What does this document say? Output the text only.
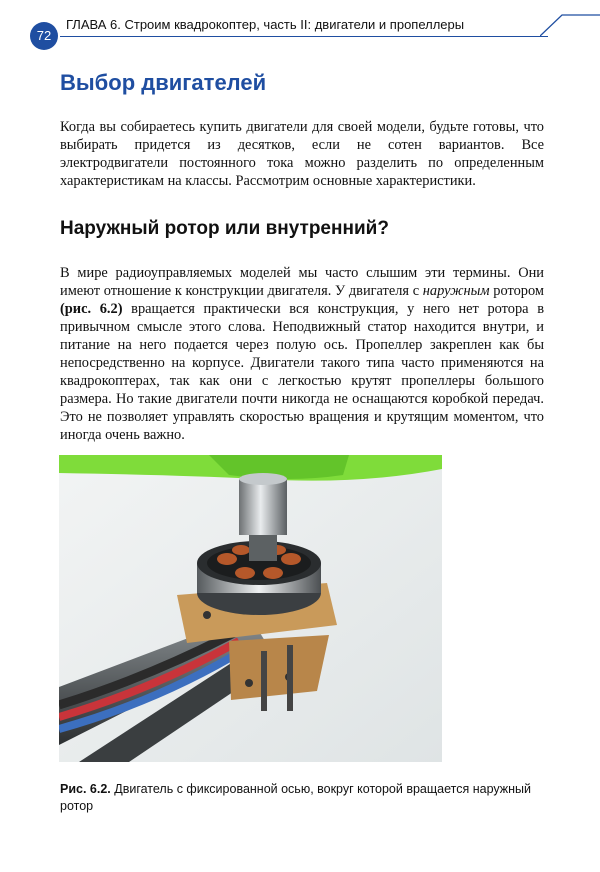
72
ГЛАВА 6. Строим квадрокоптер, часть II: двигатели и пропеллеры
Выбор двигателей

Когда вы собираетесь купить двигатели для своей модели, будьте готовы, что выбирать придется из десятков, если не сотен вариантов. Все электродвигатели постоянного тока можно разделить по определенным характеристикам на классы. Рассмотрим основные характеристики.

Наружный ротор или внутренний?

В мире радиоуправляемых моделей мы часто слышим эти термины. Они имеют отношение к конструкции двигателя. У двигателя с наружным ротором (рис. 6.2) вращается практически вся конструкция, у него нет ротора в привычном смысле этого слова. Неподвижный статор находится внутри, и питание на него подается через полую ось. Пропеллер закреплен как бы непосредственно на корпусе. Двигатели такого типа часто применяются на квадрокоптерах, так как они с легкостью крутят пропеллеры большого размера. Но такие двигатели почти никогда не оснащаются коробкой передач. Это не позволяет управлять скоростью вращения и крутящим моментом, что иногда очень важно.

Рис. 6.2. Двигатель с фиксированной осью, вокруг которой вращается наружный ротор
